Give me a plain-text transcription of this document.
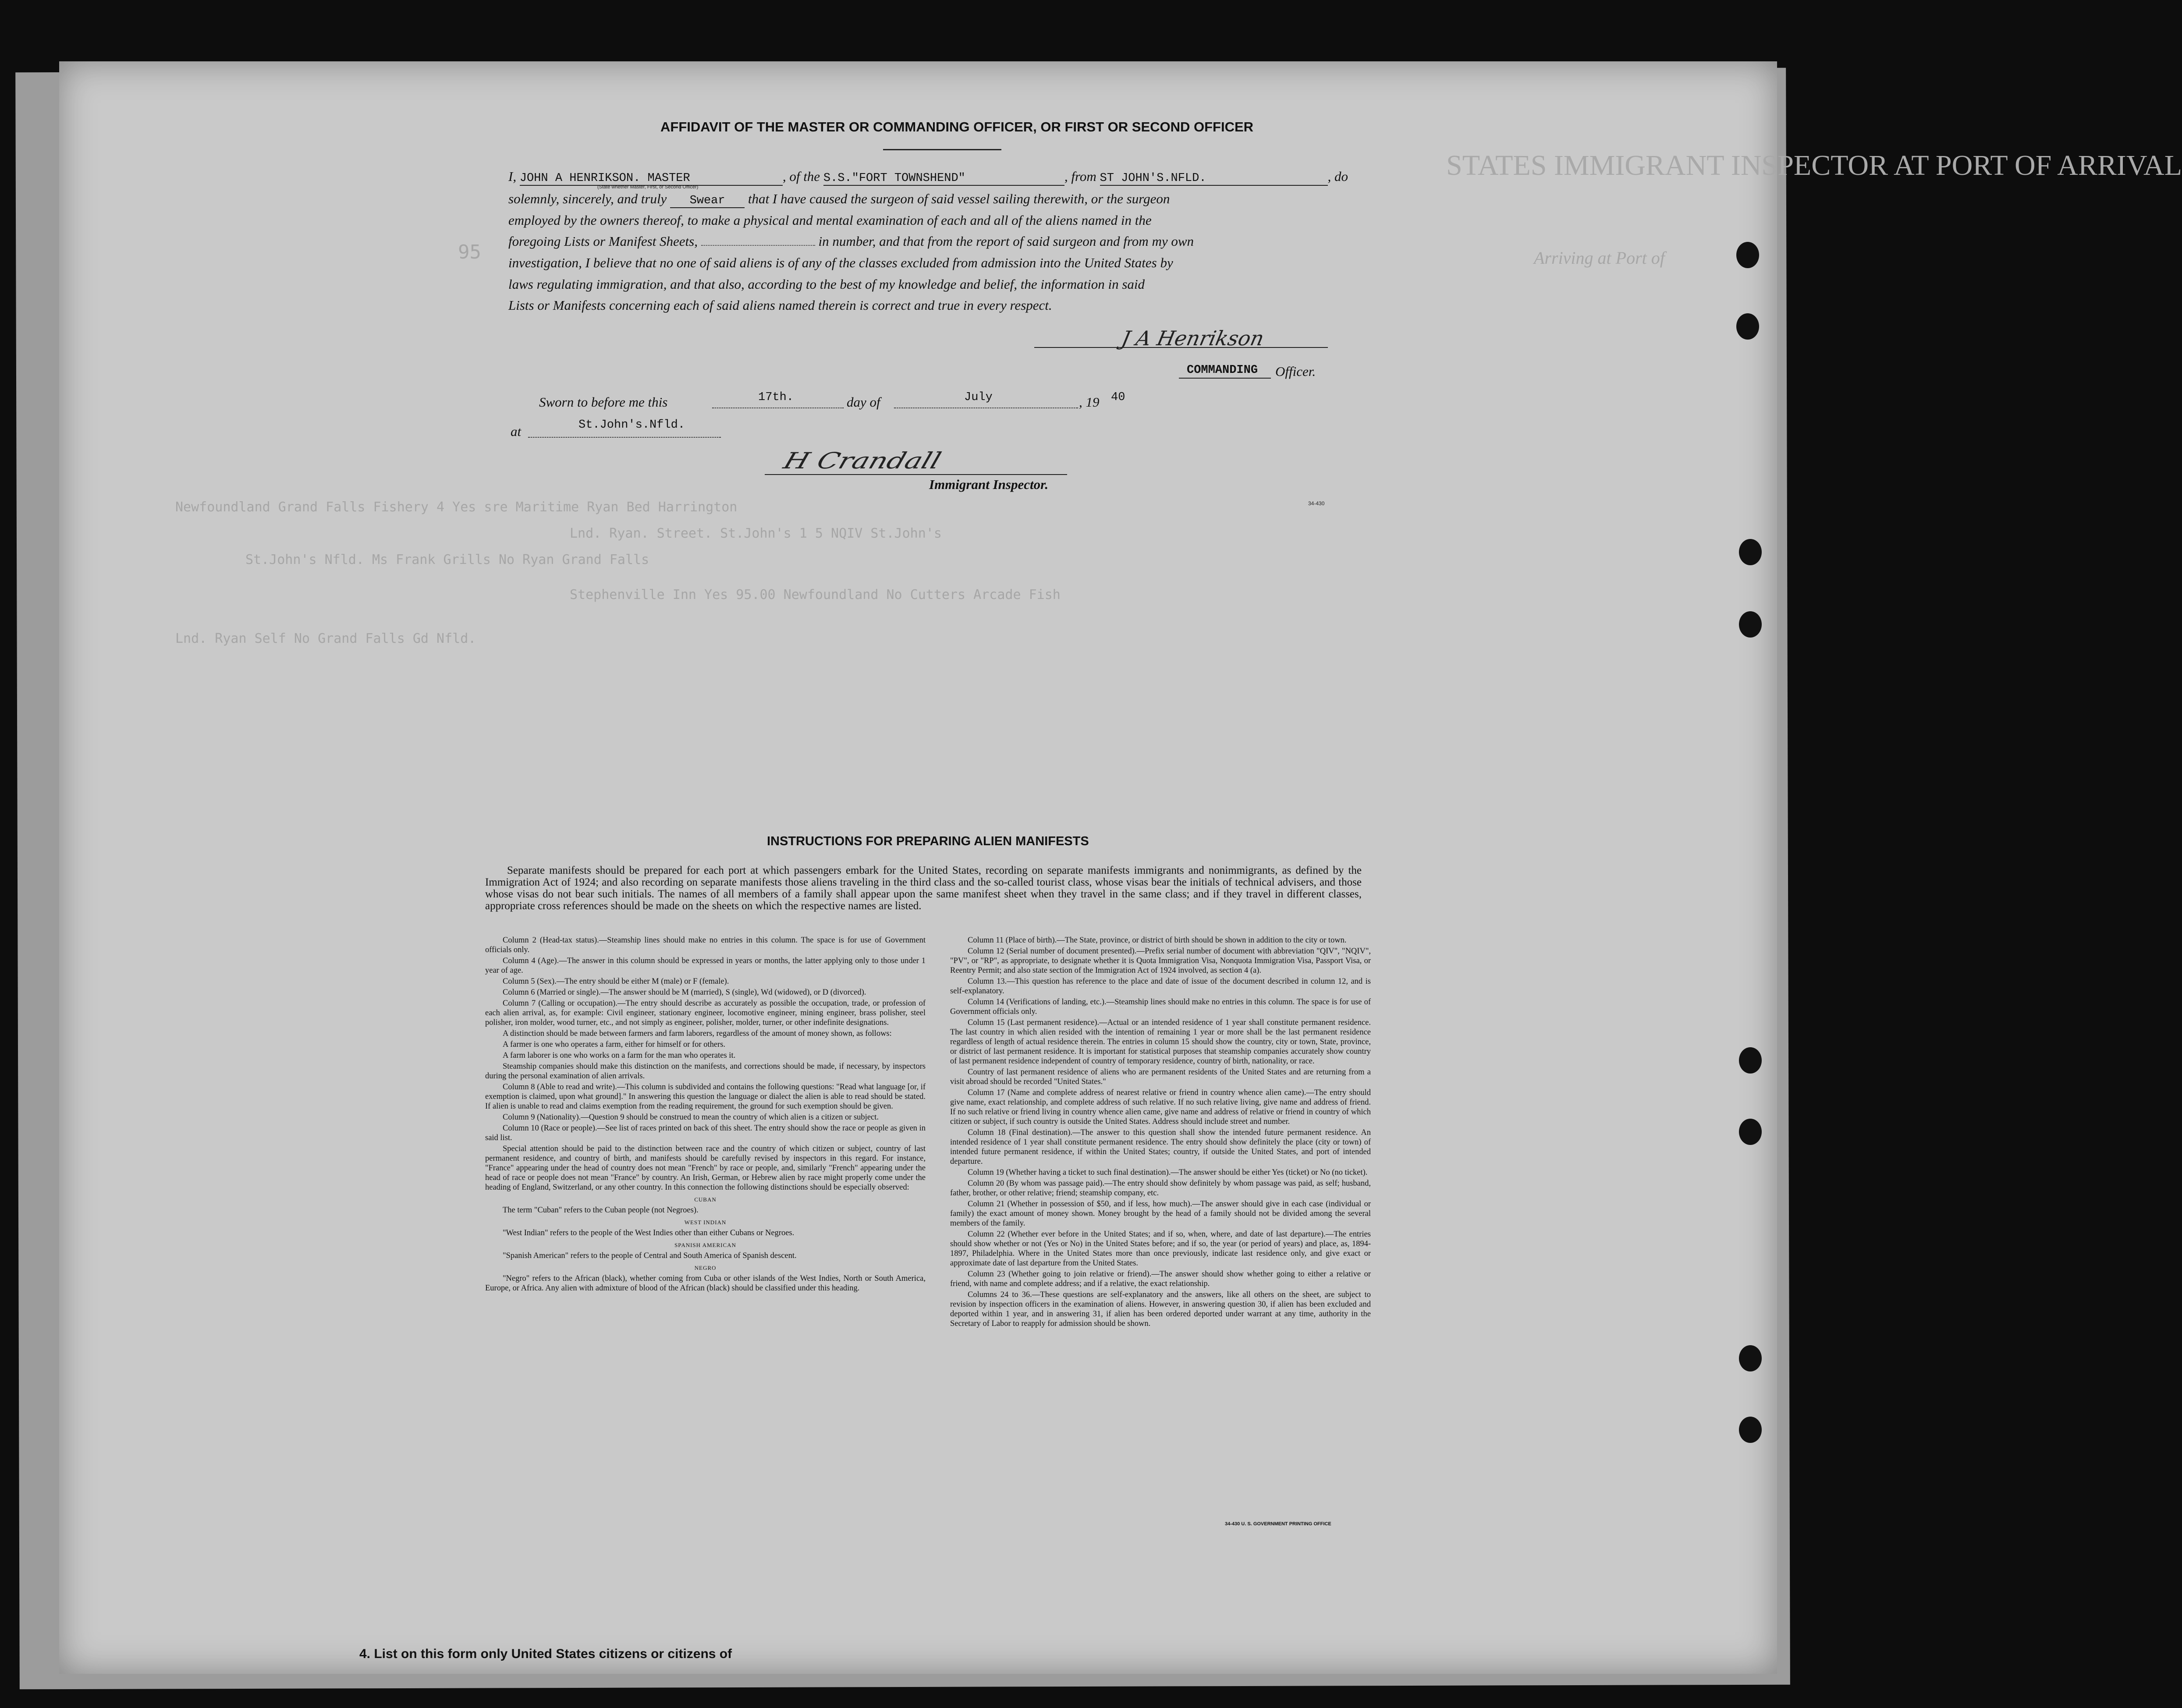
STATES IMMIGRANT INSPECTOR AT PORT OF ARRIVAL
Arriving at Port of
95
Newfoundland Grand Falls Fishery 4 Yes sre Maritime Ryan Bed Harrington
Lnd. Ryan. Street. St.John's 1 5 NQIV St.John's
St.John's Nfld. Ms Frank Grills No Ryan Grand Falls
Stephenville Inn Yes 95.00 Newfoundland No Cutters Arcade Fish
Lnd. Ryan Self No Grand Falls Gd Nfld.
AFFIDAVIT OF THE MASTER OR COMMANDING OFFICER, OR FIRST OR SECOND OFFICER
I, JOHN A HENRIKSON. MASTER	, of the S.S."FORT TOWNSHEND"	, from ST JOHN'S.NFLD.	, do
(State whether Master, First, or Second Officer)
solemnly, sincerely, and truly Swear that I have caused the surgeon of said vessel sailing therewith, or the surgeon
employed by the owners thereof, to make a physical and mental examination of each and all of the aliens named in the
foregoing Lists or Manifest Sheets,	in number, and that from the report of said surgeon and from my own
investigation, I believe that no one of said aliens is of any of the classes excluded from admission into the United States by
laws regulating immigration, and that also, according to the best of my knowledge and belief, the information in said
Lists or Manifests concerning each of said aliens named therein is correct and true in every respect.
J A Henrikson
COMMANDING Officer.
Sworn to before me this	17th.	day of	July	, 19 40
at	St.John's.Nfld.
H Crandall
Immigrant Inspector.
34-430
INSTRUCTIONS FOR PREPARING ALIEN MANIFESTS
Separate manifests should be prepared for each port at which passengers embark for the United States, recording on separate manifests immigrants and nonimmigrants, as defined by the Immigration Act of 1924; and also recording on separate manifests those aliens traveling in the third class and the so-called tourist class, whose visas bear the initials of technical advisers, and those whose visas do not bear such initials. The names of all members of a family shall appear upon the same manifest sheet when they travel in the same class; and if they travel in different classes, appropriate cross references should be made on the sheets on which the respective names are listed.

Column 2 (Head-tax status).—Steamship lines should make no entries in this column. The space is for use of Government officials only.

Column 4 (Age).—The answer in this column should be expressed in years or months, the latter applying only to those under 1 year of age.

Column 5 (Sex).—The entry should be either M (male) or F (female).

Column 6 (Married or single).—The answer should be M (married), S (single), Wd (widowed), or D (divorced).

Column 7 (Calling or occupation).—The entry should describe as accurately as possible the occupation, trade, or profession of each alien arrival, as, for example: Civil engineer, stationary engineer, locomotive engineer, mining engineer, brass polisher, steel polisher, iron molder, wood turner, etc., and not simply as engineer, polisher, molder, turner, or other indefinite designations.

A distinction should be made between farmers and farm laborers, regardless of the amount of money shown, as follows:

A farmer is one who operates a farm, either for himself or for others.

A farm laborer is one who works on a farm for the man who operates it.

Steamship companies should make this distinction on the manifests, and corrections should be made, if necessary, by inspectors during the personal examination of alien arrivals.

Column 8 (Able to read and write).—This column is subdivided and contains the following questions: "Read what language [or, if exemption is claimed, upon what ground]." In answering this question the language or dialect the alien is able to read should be stated. If alien is unable to read and claims exemption from the reading requirement, the ground for such exemption should be given.

Column 9 (Nationality).—Question 9 should be construed to mean the country of which alien is a citizen or subject.

Column 10 (Race or people).—See list of races printed on back of this sheet. The entry should show the race or people as given in said list.

Special attention should be paid to the distinction between race and the country of which citizen or subject, country of last permanent residence, and country of birth, and manifests should be carefully revised by inspectors in this regard. For instance, "France" appearing under the head of country does not mean "French" by race or people, and, similarly "French" appearing under the head of race or people does not mean "France" by country. An Irish, German, or Hebrew alien by race might properly come under the heading of England, Switzerland, or any other country. In this connection the following distinctions should be especially observed:

CUBAN

The term "Cuban" refers to the Cuban people (not Negroes).

WEST INDIAN

"West Indian" refers to the people of the West Indies other than either Cubans or Negroes.

SPANISH AMERICAN

"Spanish American" refers to the people of Central and South America of Spanish descent.

NEGRO

"Negro" refers to the African (black), whether coming from Cuba or other islands of the West Indies, North or South America, Europe, or Africa. Any alien with admixture of blood of the African (black) should be classified under this heading.

Column 11 (Place of birth).—The State, province, or district of birth should be shown in addition to the city or town.

Column 12 (Serial number of document presented).—Prefix serial number of document with abbreviation "QIV", "NQIV", "PV", or "RP", as appropriate, to designate whether it is Quota Immigration Visa, Nonquota Immigration Visa, Passport Visa, or Reentry Permit; and also state section of the Immigration Act of 1924 involved, as section 4 (a).

Column 13.—This question has reference to the place and date of issue of the document described in column 12, and is self-explanatory.

Column 14 (Verifications of landing, etc.).—Steamship lines should make no entries in this column. The space is for use of Government officials only.

Column 15 (Last permanent residence).—Actual or an intended residence of 1 year shall constitute permanent residence. The last country in which alien resided with the intention of remaining 1 year or more shall be the last permanent residence regardless of length of actual residence therein. The entries in column 15 should show the country, city or town, State, province, or district of last permanent residence. It is important for statistical purposes that steamship companies accurately show country of last permanent residence independent of country of temporary residence, country of birth, nationality, or race.

Country of last permanent residence of aliens who are permanent residents of the United States and are returning from a visit abroad should be recorded "United States."

Column 17 (Name and complete address of nearest relative or friend in country whence alien came).—The entry should give name, exact relationship, and complete address of such relative. If no such relative living, give name and address of friend. If no such relative or friend living in country whence alien came, give name and address of relative or friend in country of which citizen or subject, if such country is outside the United States. Address should include street and number.

Column 18 (Final destination).—The answer to this question shall show the intended future permanent residence. An intended residence of 1 year shall constitute permanent residence. The entry should show definitely the place (city or town) of intended future permanent residence, if within the United States; country, if outside the United States, and port of intended departure.

Column 19 (Whether having a ticket to such final destination).—The answer should be either Yes (ticket) or No (no ticket).

Column 20 (By whom was passage paid).—The entry should show definitely by whom passage was paid, as self; husband, father, brother, or other relative; friend; steamship company, etc.

Column 21 (Whether in possession of $50, and if less, how much).—The answer should give in each case (individual or family) the exact amount of money shown. Money brought by the head of a family should not be divided among the several members of the family.

Column 22 (Whether ever before in the United States; and if so, when, where, and date of last departure).—The entries should show whether or not (Yes or No) in the United States before; and if so, the year (or period of years) and place, as, 1894-1897, Philadelphia. Where in the United States more than once previously, indicate last residence only, and give exact or approximate date of last departure from the United States.

Column 23 (Whether going to join relative or friend).—The answer should show whether going to either a relative or friend, with name and complete address; and if a relative, the exact relationship.

Columns 24 to 36.—These questions are self-explanatory and the answers, like all others on the sheet, are subject to revision by inspection officers in the examination of aliens. However, in answering question 30, if alien has been excluded and deported within 1 year, and in answering 31, if alien has been ordered deported under warrant at any time, authority in the Secretary of Labor to reapply for admission should be shown.

34-430 U. S. GOVERNMENT PRINTING OFFICE
4. List on this form only United States citizens or citizens of
